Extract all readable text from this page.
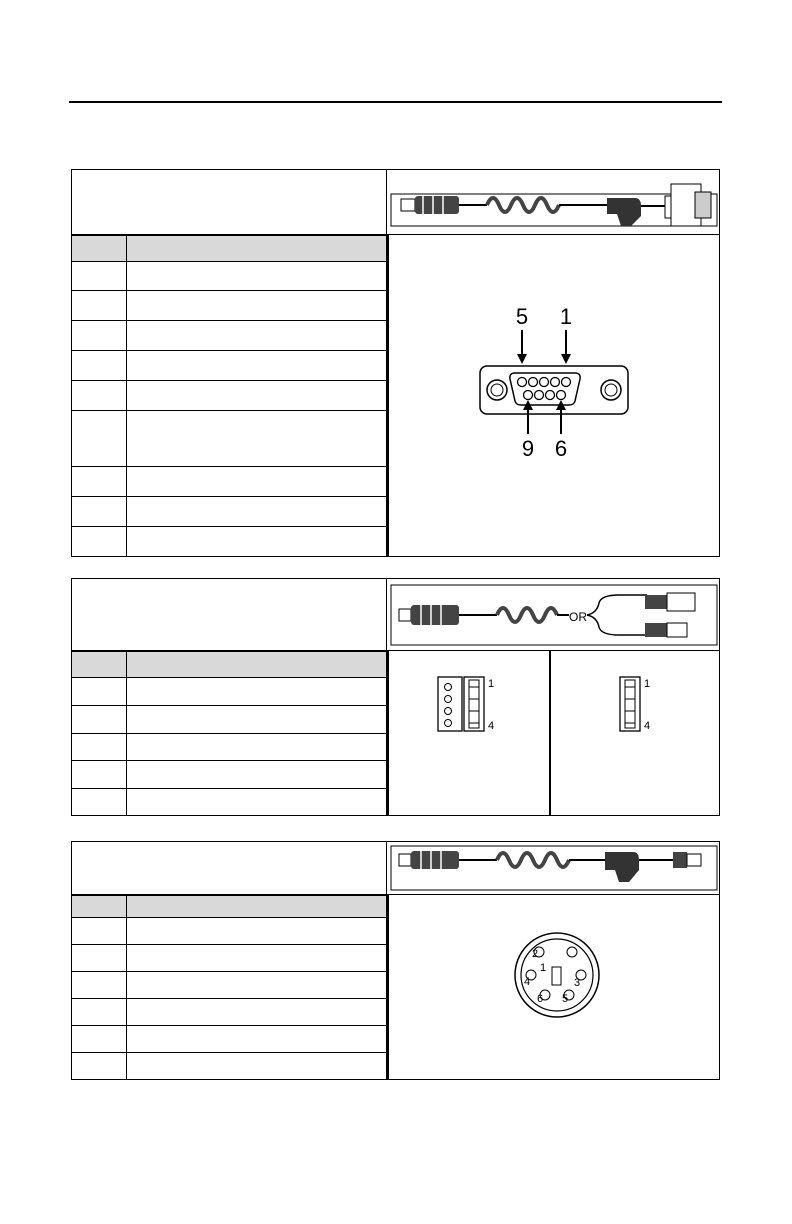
5 1
9 6
OR

1
4
1
4

1
2
3
4
5
6
